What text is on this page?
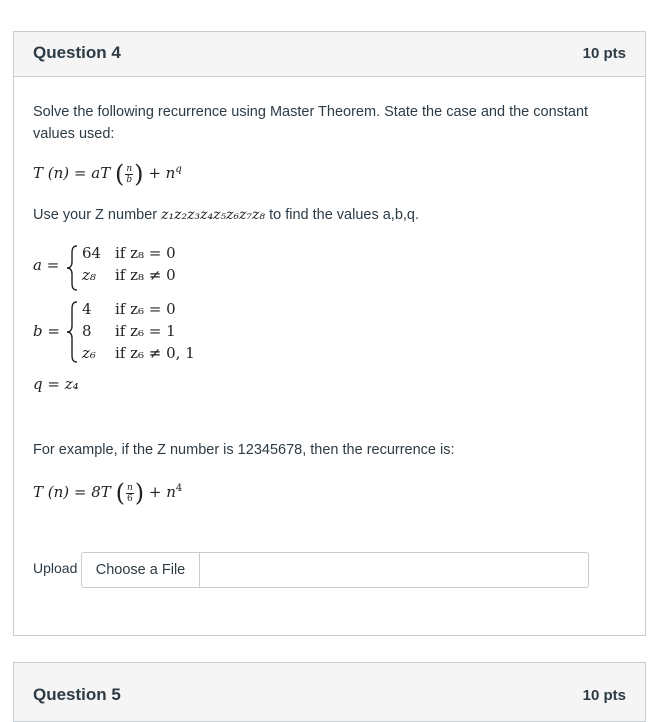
Question 4	10 pts
Solve the following recurrence using Master Theorem. State the case and the constant
values used:
T (n) = aT ( $\frac{n}{b}$ ) + $n^q$
Use your Z number z₁z₂z₃z₄z₅z₆z₇z₈ to find the values a,b,q.
a =
64 if z₈ = 0
z₈ if z₈ ≠ 0
b =
4 if z₆ = 0
8 if z₆ = 1
z₆ if z₆ ≠ 0, 1
q = z₄
For example, if the Z number is 12345678, then the recurrence is:
T (n) = 8T ( $\frac{n}{6}$ ) + $n^4$
Upload	Choose a File
Question 5	10 pts
